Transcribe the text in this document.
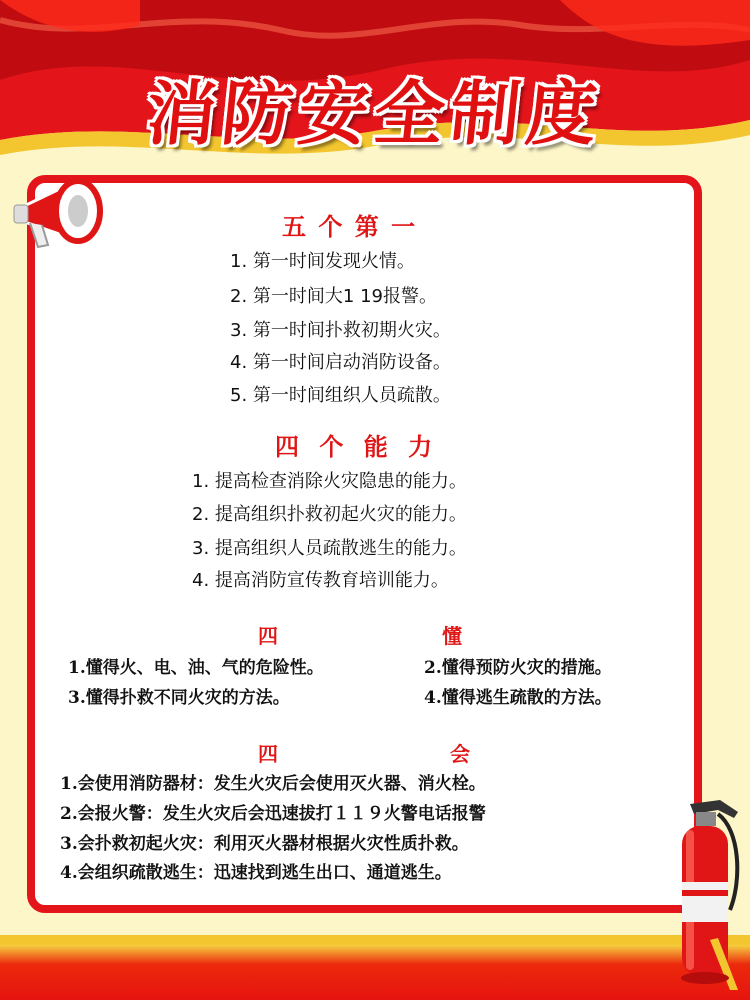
消防安全制度
五 个 第 一
1. 第一时间发现火情。
2. 第一时间大1 19报警。
3. 第一时间扑救初期火灾。
4. 第一时间启动消防设备。
5. 第一时间组织人员疏散。
四 个 能 力
1. 提高检查消除火灾隐患的能力。
2. 提高组织扑救初起火灾的能力。
3. 提高组织人员疏散逃生的能力。
4. 提高消防宣传教育培训能力。
四	懂
1.懂得火、电、油、气的危险性。	2.懂得预防火灾的措施。
3.懂得扑救不同火灾的方法。	4.懂得逃生疏散的方法。
四	会
1.会使用消防器材：发生火灾后会使用灭火器、消火栓。
2.会报火警：发生火灾后会迅速拔打１１９火警电话报警
3.会扑救初起火灾：利用灭火器材根据火灾性质扑救。
4.会组织疏散逃生：迅速找到逃生出口、通道逃生。
